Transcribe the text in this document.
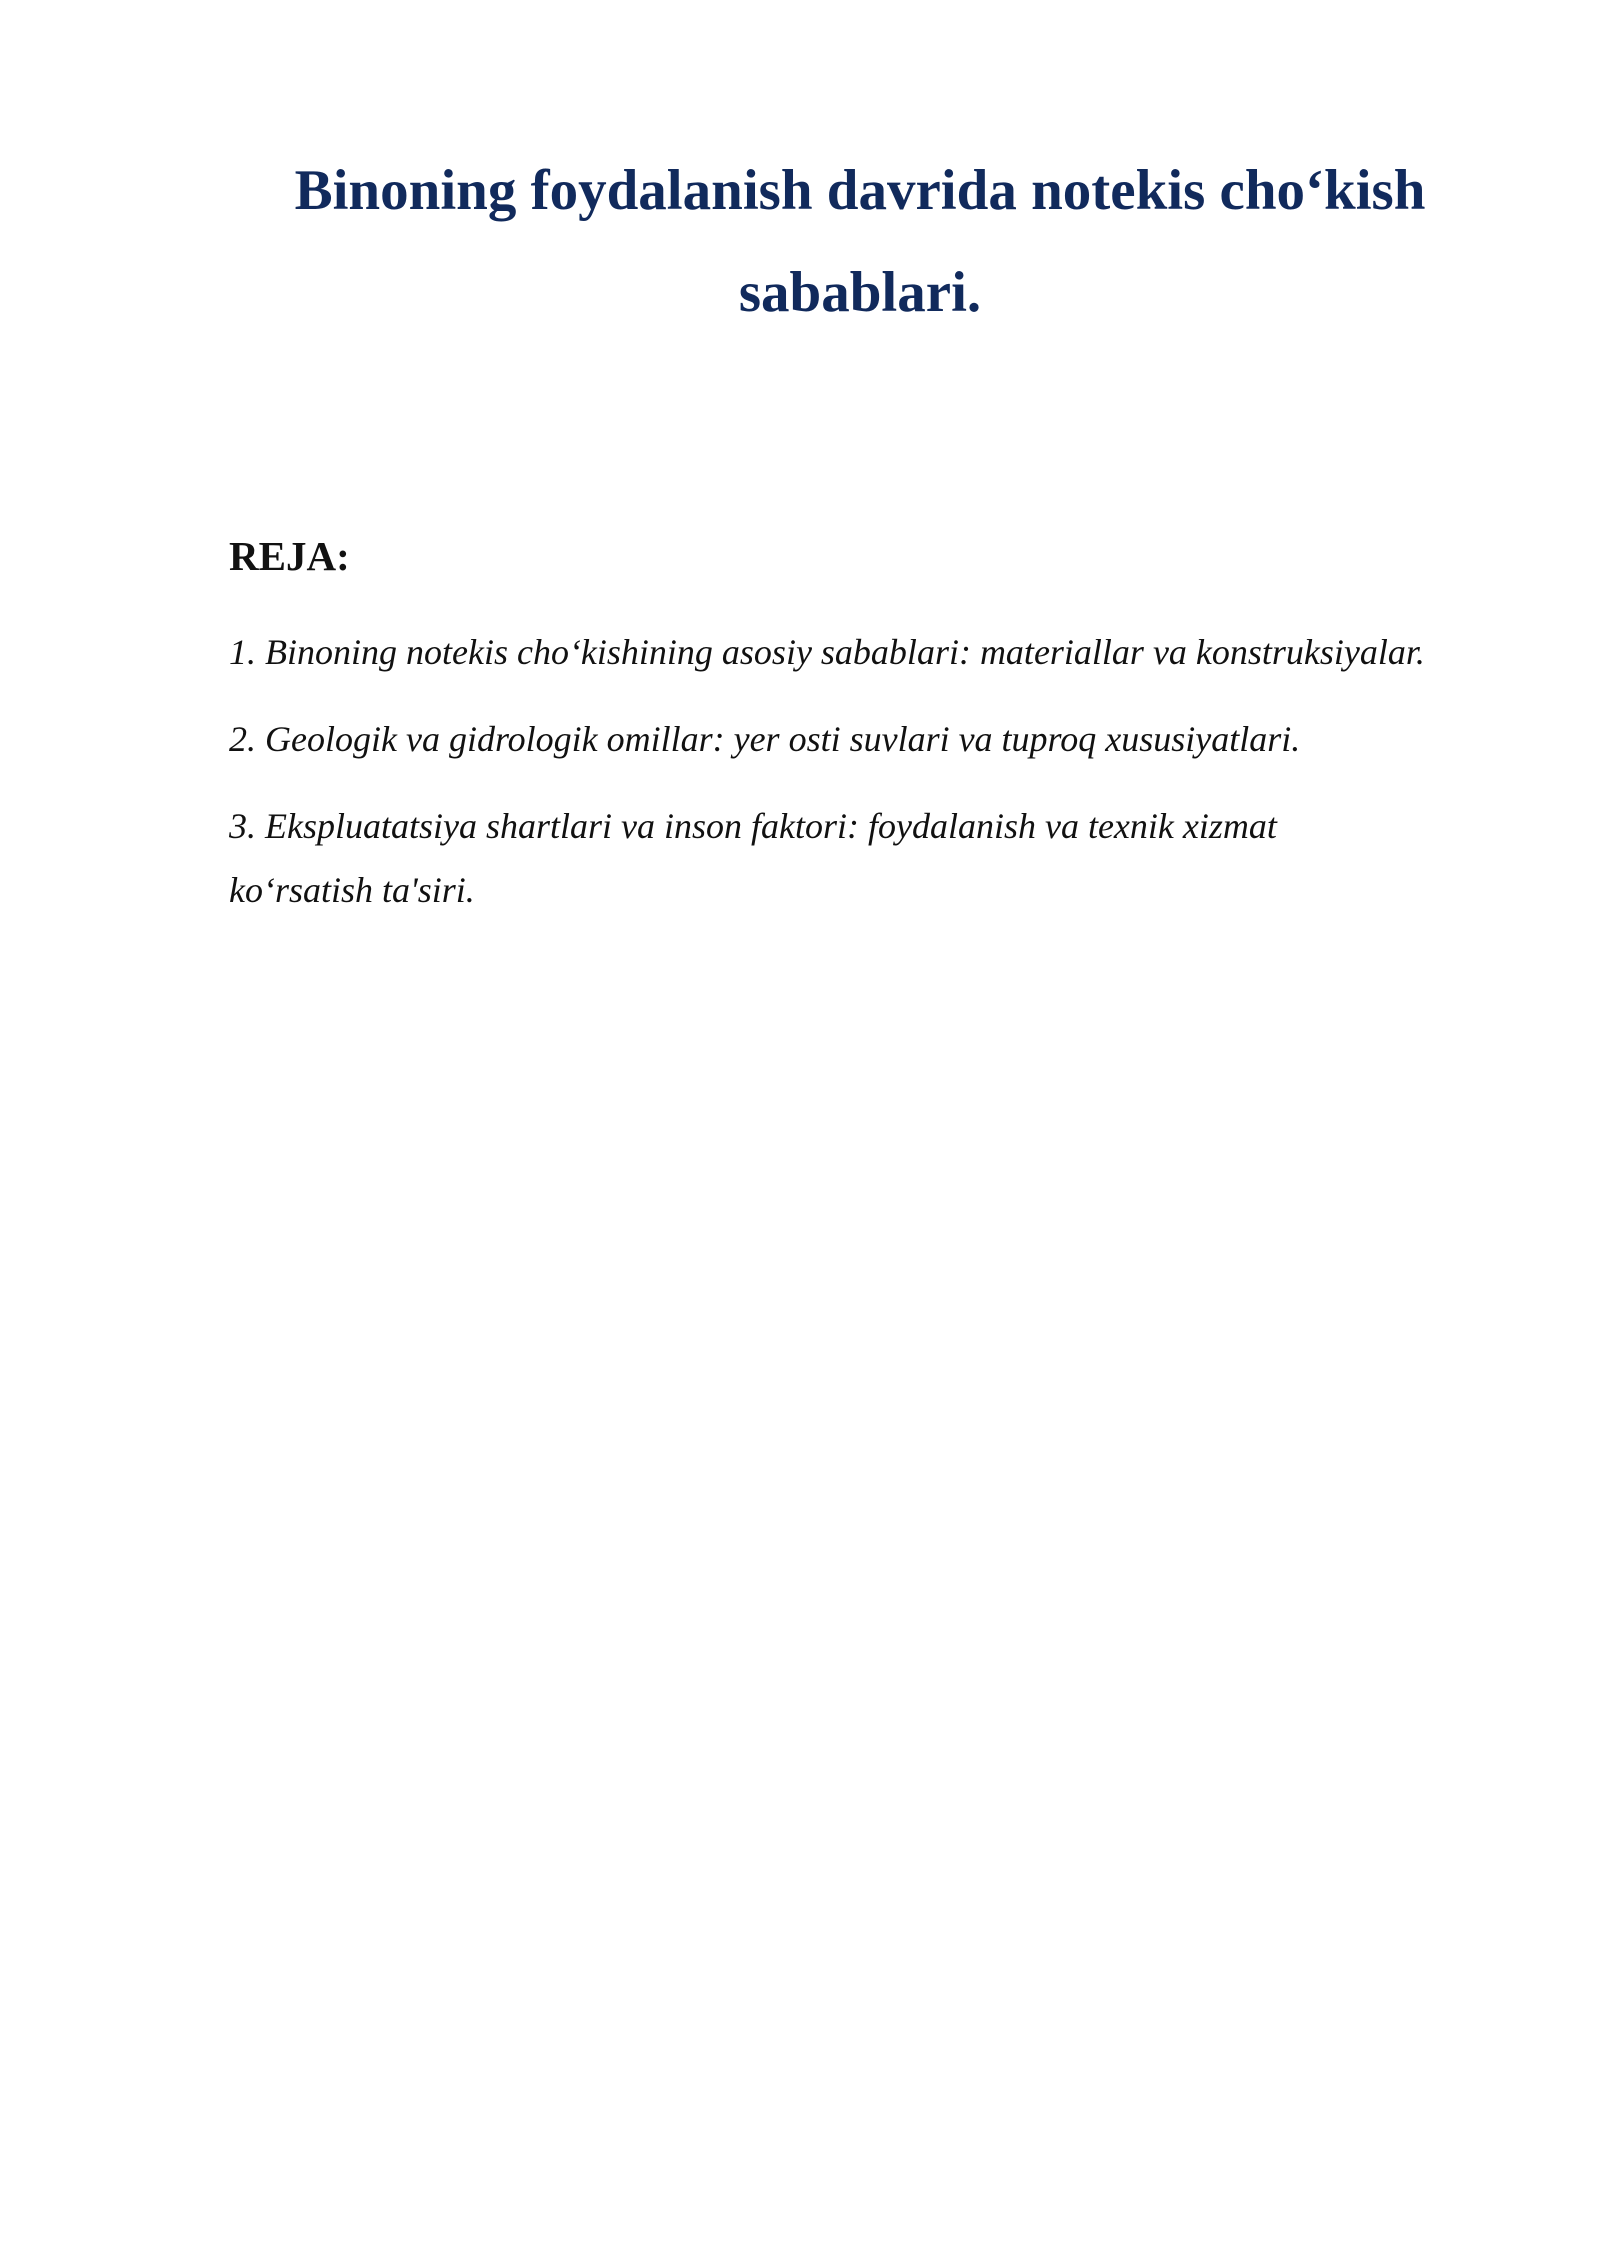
Binoning foydalanish davrida notekis cho‘kish sabablari.
REJA:
1. Binoning notekis cho‘kishining asosiy sabablari: materiallar va konstruksiyalar.
2. Geologik va gidrologik omillar: yer osti suvlari va tuproq xususiyatlari.
3. Ekspluatatsiya shartlari va inson faktori: foydalanish va texnik xizmat ko‘rsatish ta'siri.
